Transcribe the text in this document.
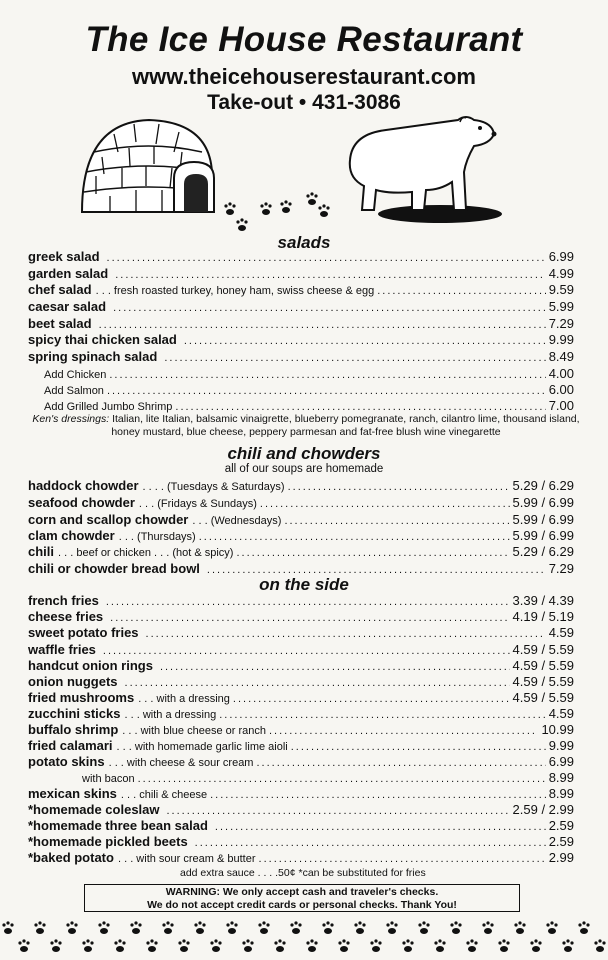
The Ice House Restaurant
www.theicehouserestaurant.com
Take-out • 431-3086
salads
greek salad .....	6.99
garden salad .....	4.99
chef salad . . . fresh roasted turkey, honey ham, swiss cheese & egg .....	9.59
caesar salad .....	5.99
beet salad .....	7.29
spicy thai chicken salad .....	9.99
spring spinach salad .....	8.49
Add Chicken .....	4.00
Add Salmon .....	6.00
Add Grilled Jumbo Shrimp .....	7.00
Ken's dressings: Italian, lite Italian, balsamic vinaigrette, blueberry pomegranate, ranch, cilantro lime, thousand island, honey mustard, blue cheese, peppery parmesan and fat-free blush wine vinegarette
chili and chowders
all of our soups are homemade
haddock chowder . . . . (Tuesdays & Saturdays) .....	5.29 / 6.29
seafood chowder . . . (Fridays & Sundays) .....	5.99 / 6.99
corn and scallop chowder . . . (Wednesdays) .....	5.99 / 6.99
clam chowder . . . (Thursdays) .....	5.99 / 6.99
chili . . . beef or chicken . . . (hot & spicy) .....	5.29 / 6.29
chili or chowder bread bowl .....	7.29
on the side
french fries .....	3.39 / 4.39
cheese fries .....	4.19 / 5.19
sweet potato fries .....	4.59
waffle fries .....	4.59 / 5.59
handcut onion rings .....	4.59 / 5.59
onion nuggets .....	4.59 / 5.59
fried mushrooms . . . with a dressing .....	4.59 / 5.59
zucchini sticks . . . with a dressing .....	4.59
buffalo shrimp . . . with blue cheese or ranch .....	10.99
fried calamari . . . with homemade garlic lime aioli .....	9.99
potato skins . . . with cheese & sour cream .....	6.99
with bacon .....	8.99
mexican skins . . . chili & cheese .....	8.99
*homemade coleslaw .....	2.59 / 2.99
*homemade three bean salad .....	2.59
*homemade pickled beets .....	2.59
*baked potato . . . with sour cream & butter .....	2.99
add extra sauce . . . .50¢ *can be substituted for fries
WARNING: We only accept cash and traveler's checks.
We do not accept credit cards or personal checks. Thank You!
